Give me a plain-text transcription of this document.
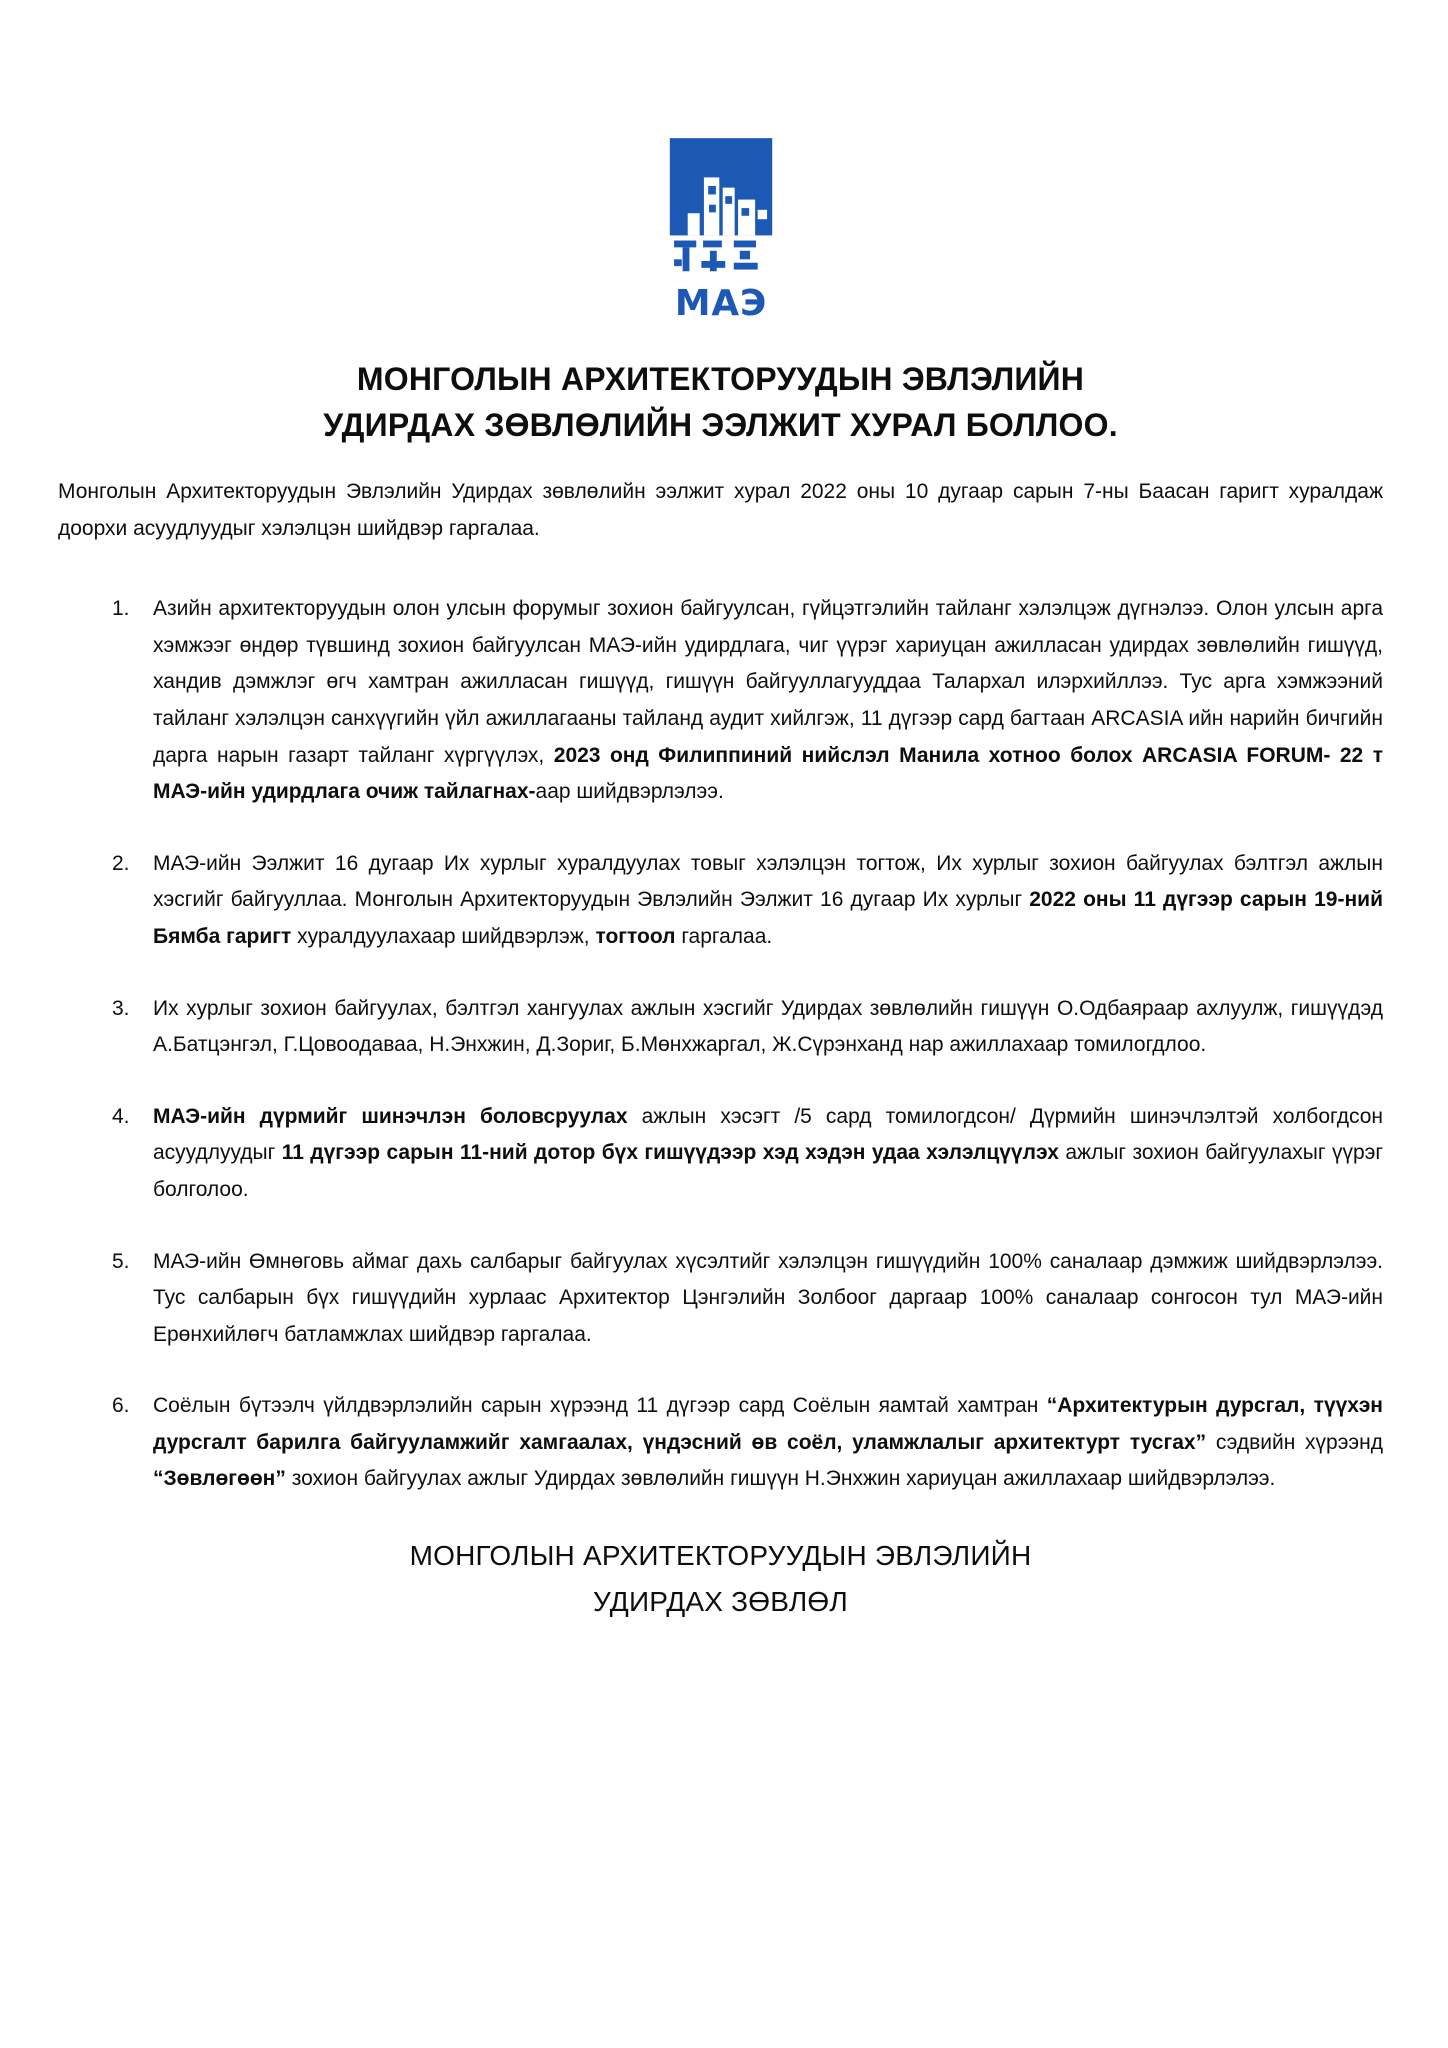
МАЭ
МОНГОЛЫН АРХИТЕКТОРУУДЫН ЭВЛЭЛИЙН
УДИРДАХ ЗӨВЛӨЛИЙН ЭЭЛЖИТ ХУРАЛ БОЛЛОО.

Монголын Архитекторуудын Эвлэлийн Удирдах зөвлөлийн ээлжит хурал 2022 оны 10 дугаар сарын 7-ны Баасан гаригт хуралдаж доорхи асуудлуудыг хэлэлцэн шийдвэр гаргалаа.

1.	Азийн архитекторуудын олон улсын форумыг зохион байгуулсан, гүйцэтгэлийн тайланг хэлэлцэж дүгнэлээ. Олон улсын арга хэмжээг өндөр түвшинд зохион байгуулсан МАЭ-ийн удирдлага, чиг үүрэг хариуцан ажилласан удирдах зөвлөлийн гишүүд, хандив дэмжлэг өгч хамтран ажилласан гишүүд, гишүүн байгууллагууддаа Талархал илэрхийллээ. Тус арга хэмжээний тайланг хэлэлцэн санхүүгийн үйл ажиллагааны тайланд аудит хийлгэж, 11 дүгээр сард багтаан ARCASIA ийн нарийн бичгийн дарга нарын газарт тайланг хүргүүлэх, 2023 онд Филиппиний нийслэл Манила хотноо болох ARCASIA FORUM- 22 т МАЭ-ийн удирдлага очиж тайлагнах-аар шийдвэрлэлээ.
2.	МАЭ-ийн Ээлжит 16 дугаар Их хурлыг хуралдуулах товыг хэлэлцэн тогтож, Их хурлыг зохион байгуулах бэлтгэл ажлын хэсгийг байгууллаа. Монголын Архитекторуудын Эвлэлийн Ээлжит 16 дугаар Их хурлыг 2022 оны 11 дүгээр сарын 19-ний Бямба гаригт хуралдуулахаар шийдвэрлэж, тогтоол гаргалаа.
3.	Их хурлыг зохион байгуулах, бэлтгэл хангуулах ажлын хэсгийг Удирдах зөвлөлийн гишүүн О.Одбаяраар ахлуулж, гишүүдэд А.Батцэнгэл, Г.Цовоодаваа, Н.Энхжин, Д.Зориг, Б.Мөнхжаргал, Ж.Сүрэнханд нар ажиллахаар томилогдлоо.
4.	МАЭ-ийн дүрмийг шинэчлэн боловсруулах ажлын хэсэгт /5 сард томилогдсон/ Дүрмийн шинэчлэлтэй холбогдсон асуудлуудыг 11 дүгээр сарын 11-ний дотор бүх гишүүдээр хэд хэдэн удаа хэлэлцүүлэх ажлыг зохион байгуулахыг үүрэг болголоо.
5.	МАЭ-ийн Өмнөговь аймаг дахь салбарыг байгуулах хүсэлтийг хэлэлцэн гишүүдийн 100% саналаар дэмжиж шийдвэрлэлээ. Тус салбарын бүх гишүүдийн хурлаас Архитектор Цэнгэлийн Золбоог даргаар 100% саналаар сонгосон тул МАЭ-ийн Ерөнхийлөгч батламжлах шийдвэр гаргалаа.
6.	Соёлын бүтээлч үйлдвэрлэлийн сарын хүрээнд 11 дүгээр сард Соёлын яамтай хамтран “Архитектурын дурсгал, түүхэн дурсгалт барилга байгууламжийг хамгаалах, үндэсний өв соёл, уламжлалыг архитектурт тусгах” сэдвийн хүрээнд “Зөвлөгөөн” зохион байгуулах ажлыг Удирдах зөвлөлийн гишүүн Н.Энхжин хариуцан ажиллахаар шийдвэрлэлээ.
МОНГОЛЫН АРХИТЕКТОРУУДЫН ЭВЛЭЛИЙН
УДИРДАХ ЗӨВЛӨЛ
